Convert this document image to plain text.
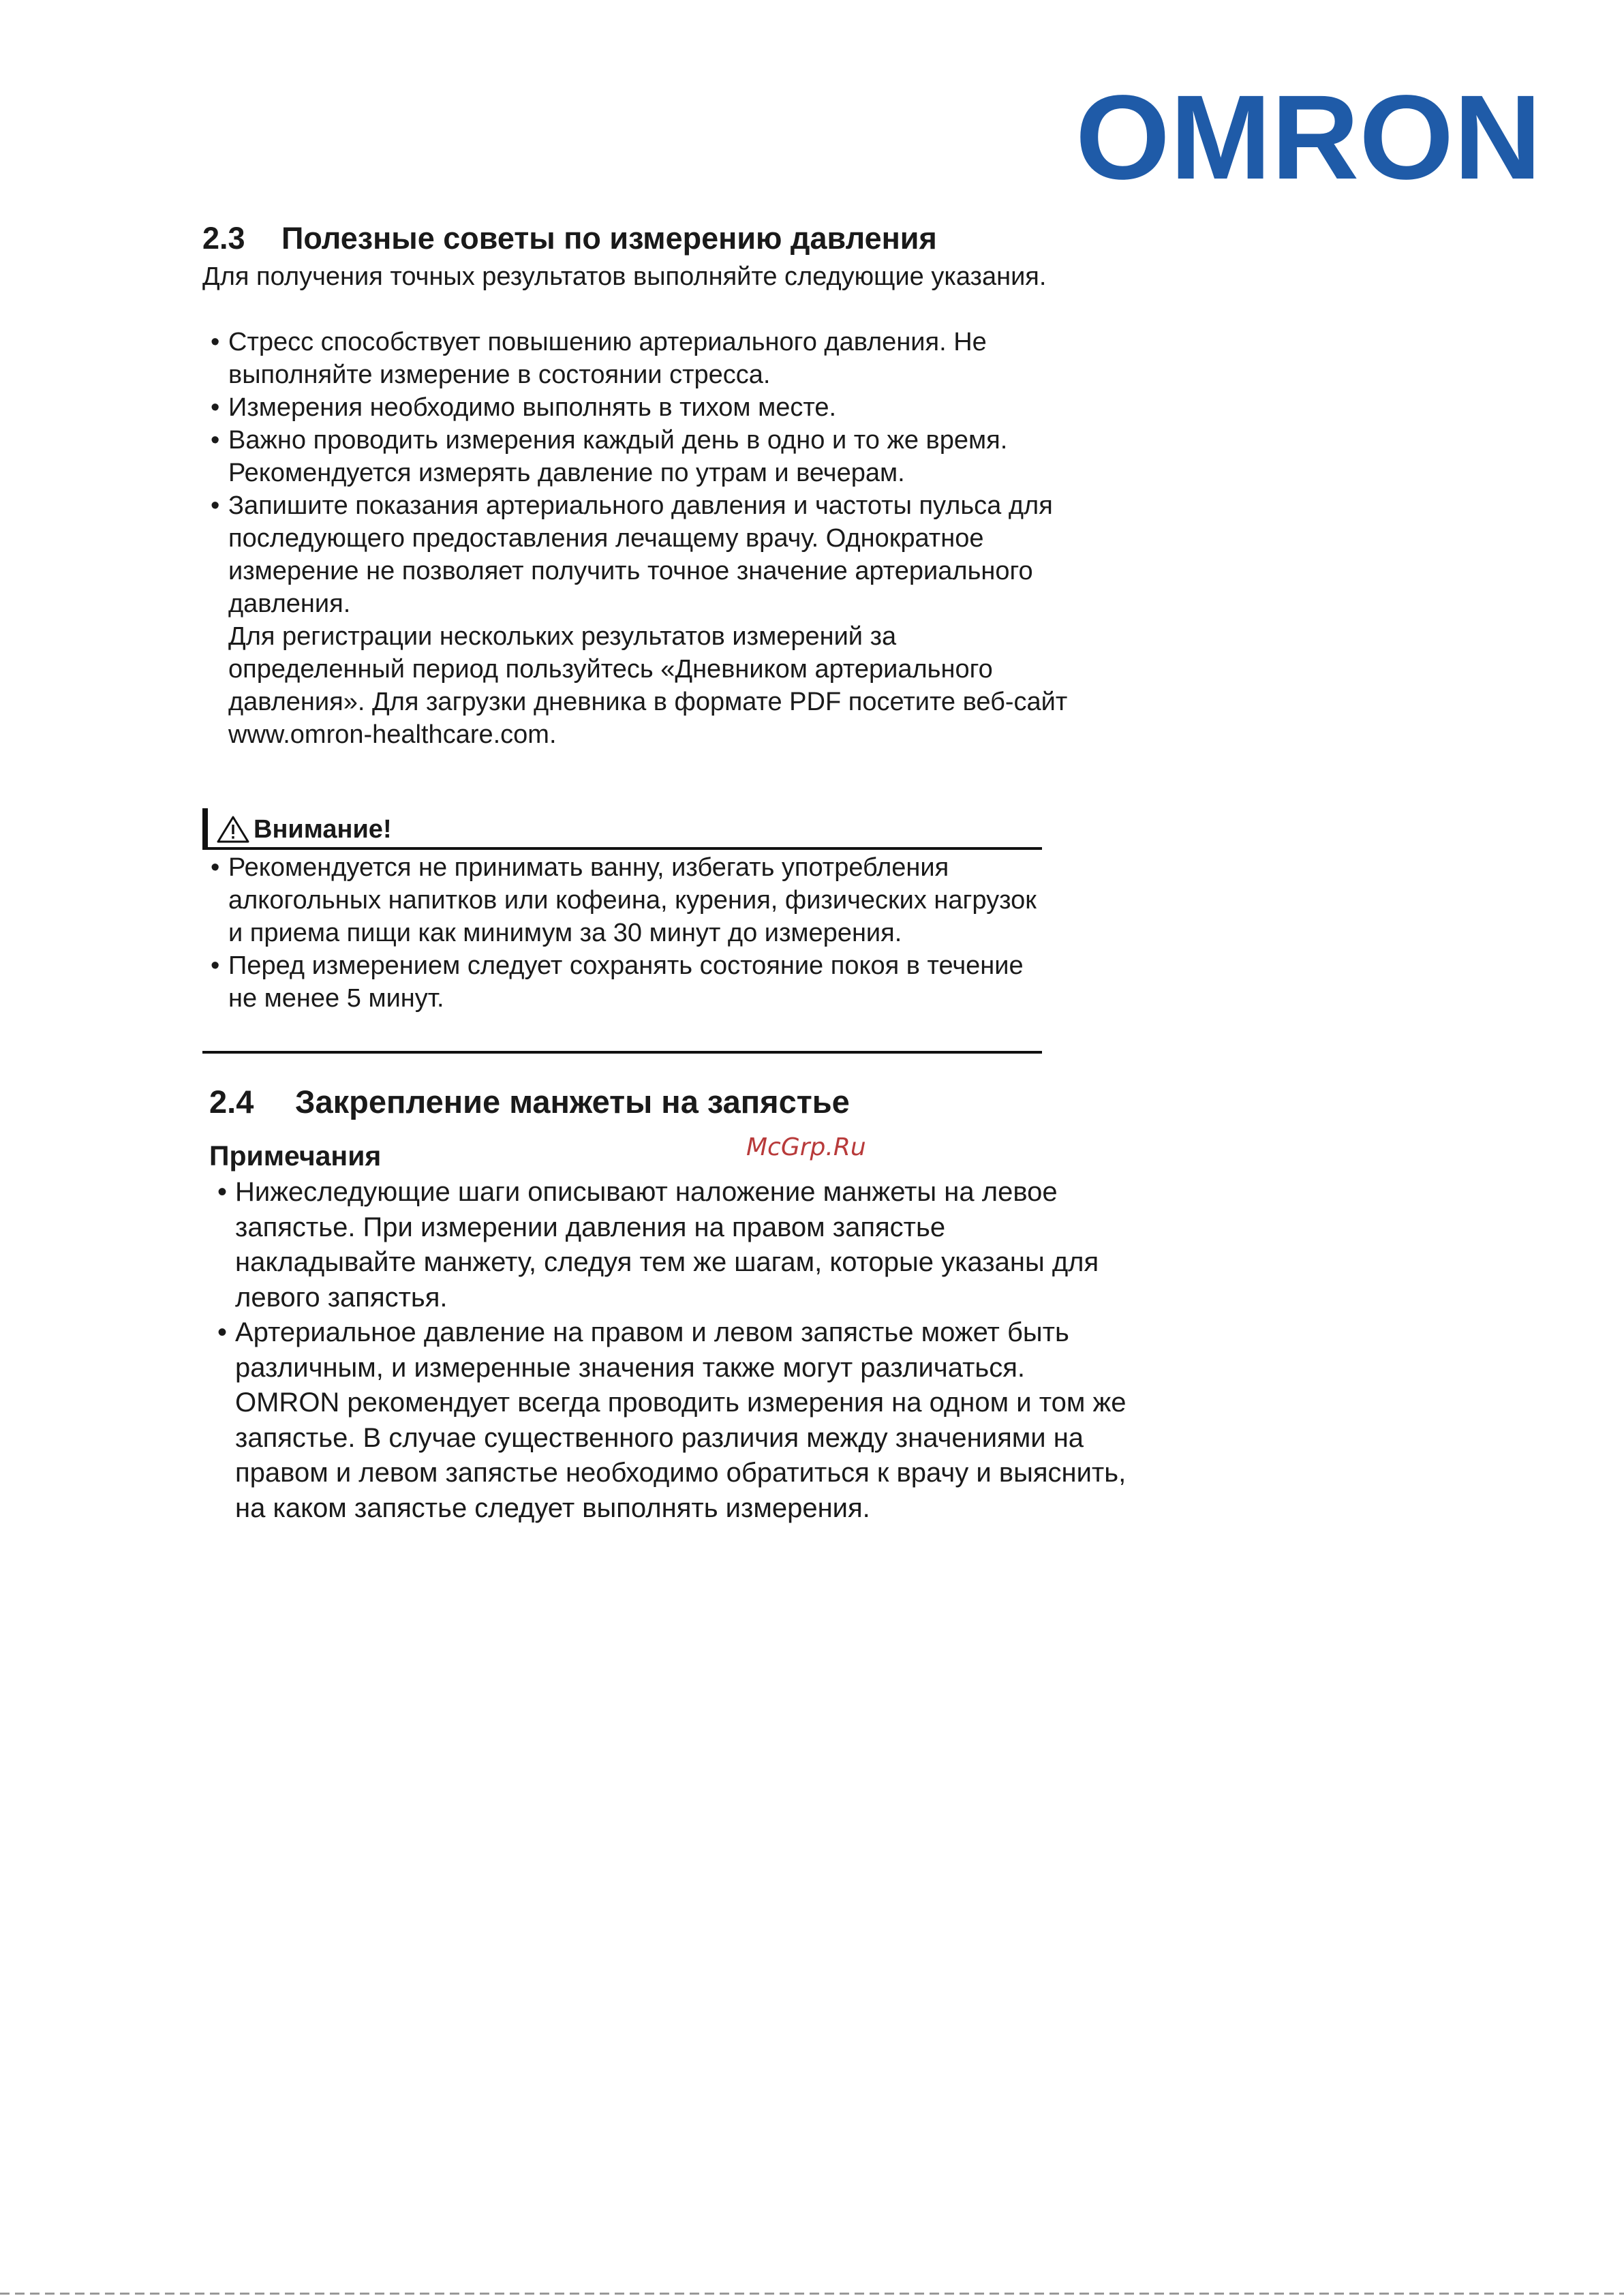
OMRON
2.3 Полезные советы по измерению давления
Для получения точных результатов выполняйте следующие указания.
• Стресс способствует повышению артериального давления. Не выполняйте измерение в состоянии стресса.
• Измерения необходимо выполнять в тихом месте.
• Важно проводить измерения каждый день в одно и то же время. Рекомендуется измерять давление по утрам и вечерам.
• Запишите показания артериального давления и частоты пульса для последующего предоставления лечащему врачу. Однократное измерение не позволяет получить точное значение артериального давления.
Для регистрации нескольких результатов измерений за определенный период пользуйтесь «Дневником артериального давления». Для загрузки дневника в формате PDF посетите веб-сайт www.omron-healthcare.com.
Внимание!
• Рекомендуется не принимать ванну, избегать употребления алкогольных напитков или кофеина, курения, физических нагрузок и приема пищи как минимум за 30 минут до измерения.
• Перед измерением следует сохранять состояние покоя в течение не менее 5 минут.
2.4 Закрепление манжеты на запястье
Примечания	McGrp.Ru
• Нижеследующие шаги описывают наложение манжеты на левое запястье. При измерении давления на правом запястье накладывайте манжету, следуя тем же шагам, которые указаны для левого запястья.
• Артериальное давление на правом и левом запястье может быть различным, и измеренные значения также могут различаться. OMRON рекомендует всегда проводить измерения на одном и том же запястье. В случае существенного различия между значениями на правом и левом запястье необходимо обратиться к врачу и выяснить, на каком запястье следует выполнять измерения.
